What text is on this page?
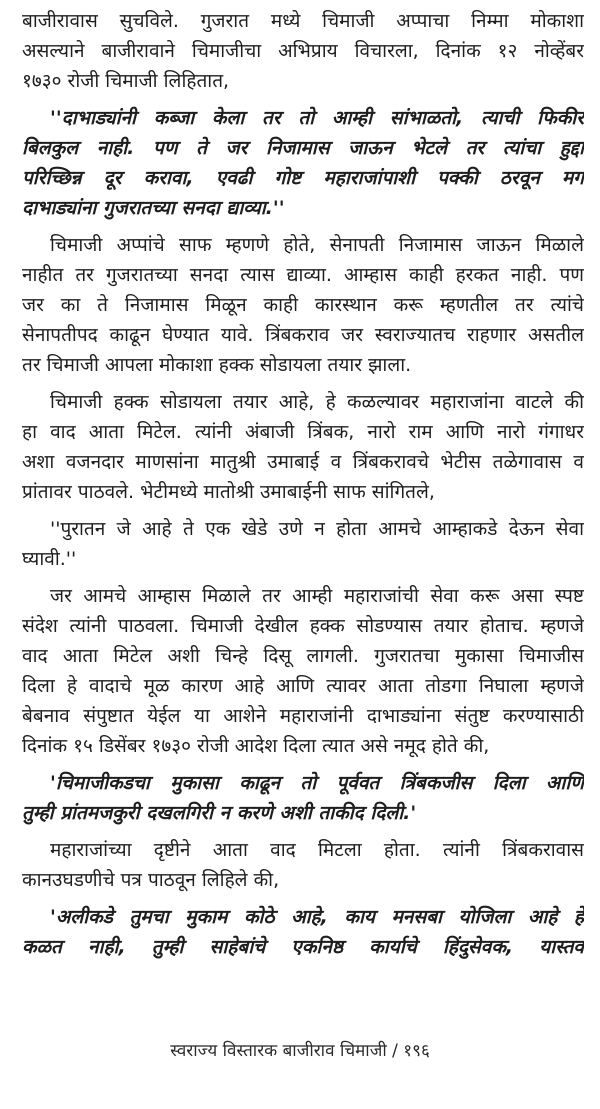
बाजीरावास सुचविले. गुजरात मध्ये चिमाजी अप्पाचा निम्मा मोकाशा
असल्याने बाजीरावाने चिमाजीचा अभिप्राय विचारला, दिनांक १२ नोव्हेंबर
१७३० रोजी चिमाजी लिहितात,
''दाभाड्यांनी कब्जा केला तर तो आम्ही सांभाळतो, त्याची फिकीर
बिलकुल नाही. पण ते जर निजामास जाऊन भेटले तर त्यांचा हुद्दा
परिच्छिन्न दूर करावा, एवढी गोष्ट महाराजांपाशी पक्की ठरवून मग
दाभाड्यांना गुजरातच्या सनदा द्याव्या.''
चिमाजी अप्पांचे साफ म्हणणे होते, सेनापती निजामास जाऊन मिळाले
नाहीत तर गुजरातच्या सनदा त्यास द्याव्या. आम्हास काही हरकत नाही. पण
जर का ते निजामास मिळून काही कारस्थान करू म्हणतील तर त्यांचे
सेनापतीपद काढून घेण्यात यावे. त्रिंबकराव जर स्वराज्यातच राहणार असतील
तर चिमाजी आपला मोकाशा हक्क सोडायला तयार झाला.
चिमाजी हक्क सोडायला तयार आहे, हे कळल्यावर महाराजांना वाटले की
हा वाद आता मिटेल. त्यांनी अंबाजी त्रिंबक, नारो राम आणि नारो गंगाधर
अशा वजनदार माणसांना मातुश्री उमाबाई व त्रिंबकरावचे भेटीस तळेगावास व
प्रांतावर पाठवले. भेटीमध्ये मातोश्री उमाबाईनी साफ सांगितले,
''पुरातन जे आहे ते एक खेडे उणे न होता आमचे आम्हाकडे देऊन सेवा
घ्यावी.''
जर आमचे आम्हास मिळाले तर आम्ही महाराजांची सेवा करू असा स्पष्ट
संदेश त्यांनी पाठवला. चिमाजी देखील हक्क सोडण्यास तयार होताच. म्हणजे
वाद आता मिटेल अशी चिन्हे दिसू लागली. गुजरातचा मुकासा चिमाजीस
दिला हे वादाचे मूळ कारण आहे आणि त्यावर आता तोडगा निघाला म्हणजे
बेबनाव संपुष्टात येईल या आशेने महाराजांनी दाभाड्यांना संतुष्ट करण्यासाठी
दिनांक १५ डिसेंबर १७३० रोजी आदेश दिला त्यात असे नमूद होते की,
'चिमाजीकडचा मुकासा काढून तो पूर्ववत त्रिंबकजीस दिला आणि
तुम्ही प्रांतमजकुरी दखलगिरी न करणे अशी ताकीद दिली.'
महाराजांच्या दृष्टीने आता वाद मिटला होता. त्यांनी त्रिंबकरावास
कानउघडणीचे पत्र पाठवून लिहिले की,
'अलीकडे तुमचा मुकाम कोठे आहे, काय मनसबा योजिला आहे हे
कळत नाही, तुम्ही साहेबांचे एकनिष्ठ कार्याचे हिंदुसेवक, यास्तव
स्वराज्य विस्तारक बाजीराव चिमाजी / १९६
